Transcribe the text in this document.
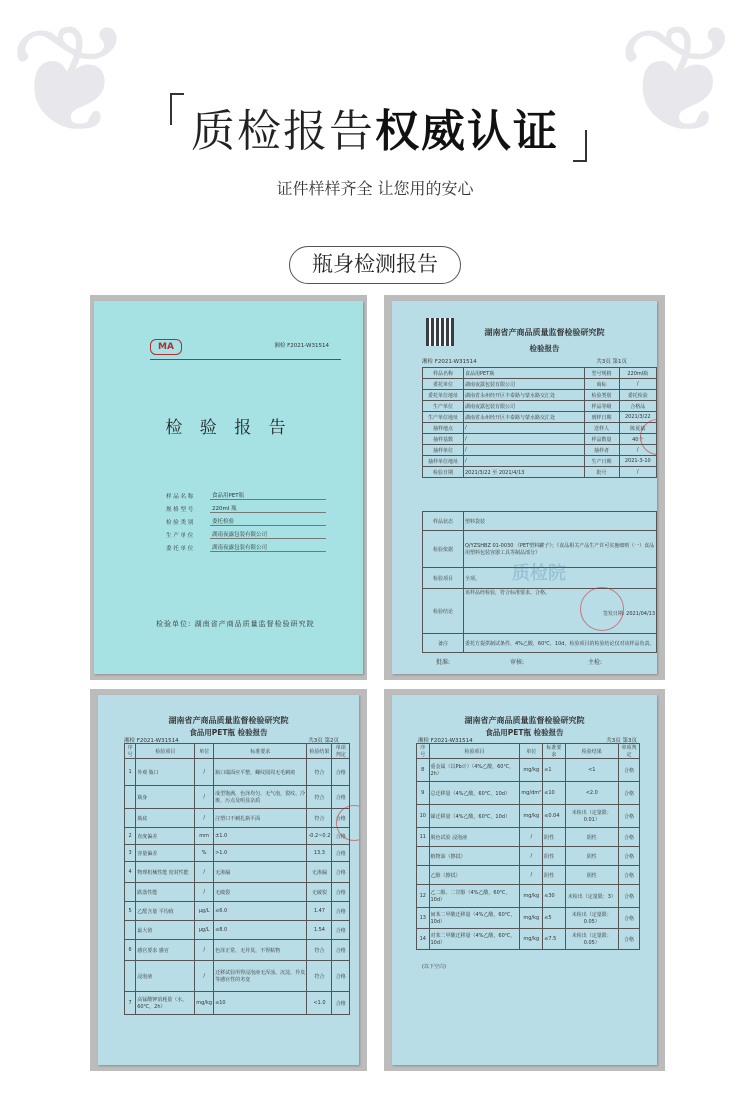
❦	❦
质检报告权威认证
证件样样齐全 让您用的安心
瓶身检测报告
MA	湘检 F2021-W31514
检 验 报 告
样 品 名 称	食品用PET瓶
规 格 型 号	220ml 瓶
检 验 类 别	委托检验
生 产 单 位	湖南夜露包装有限公司
委 托 单 位	湖南夜露包装有限公司
检验单位: 湖南省产商品质量监督检验研究院
湖南省产商品质量监督检验研究院
检验报告
湘检 F2021-W31514	共3页 第1页
样品名称	食品用PET瓶	型号规格	220ml瓶
委托单位	湖南夜露包装有限公司	商标	/
委托单位地址	湖南省永州经开区丰泰路与蒙水路交汇处	检验类别	委托检验
生产单位	湖南夜露包装有限公司	样品等级	合格品
生产单位地址	湖南省永州经开区丰泰路与蒙水路交汇处	到样日期	2021/3/22
抽样地点	/	送样人	陈夏斌
抽样基数	/	样品数量	40个
抽样单位	/	抽样者	/
抽样单位地址	/	生产日期	2021-3-10
检验日期	2021/3/22 至 2021/4/13	批号	/
样品状态	塑料袋装
检验依据	Q/YZSHBZ 01-0030 《PET塑料罐子》；《食品相关产品生产许可实施细则（一）食品用塑料包装容器工具等制品部分》
检验项目	全项。
检验结论	该样品经检验，符合标准要求。合格。
签发日期: 2021/04/13

备注	委托方提供制试条件，4%乙酸，60℃，10d，检验项目的检验结论仅对该样品负责。
质检院
批准:	审核:	主检:
湖南省产商品质量监督检验研究院
食品用PET瓶 检验报告
湘检 F2021-W31514	共3页 第2页
序号	检验项目	单位	标准要求	检验结果	单项判定
1	外观 瓶口	/	瓶口端面应平整，螺纹圆周无毛刺痕	符合	合格
	瓶身	/	成型饱满，色泽均匀，无气泡，裂纹、冷斑，污点及明显杂质	符合	合格
	瓶底	/	注塑口不刺扎瓶平面	符合	合格
2	直度偏差	mm	±1.0	-0.2~0.2	合格
3	容量偏差	%	>1.0	13.3	合格
4	物理机械性能 密封性能	/	无渗漏	无渗漏	合格
	跌落性能	/	无破裂	无破裂	合格
5	乙醛含量 平均值	μg/L	≤6.0	1.47	合格
	最大值	μg/L	≤8.0	1.54	合格
6	感官要求 感官	/	色泽正常，无异臭，不得粘物	符合	合格
	浸泡液	/	迁移试验所得浸泡液无浑浊、沉淀、异臭等感官性的劣变	符合	合格
7	高锰酸钾消耗量（水，60℃，2h）	mg/kg	≤10	<1.0	合格
湖南省产商品质量监督检验研究院
食品用PET瓶 检验报告
湘检 F2021-W31514	共3页 第3页
序号	检验项目	单位	标准要求	检验结果	单项判定
8	重金属（以Pb计）（4%乙酸，60℃，2h）	mg/kg	≤1	<1	合格
9	总迁移量（4%乙酸，60℃，10d）	mg/dm²	≤10	<2.0	合格
10	锑迁移量（4%乙酸，60℃，10d）	mg/kg	≤0.04	未检出（定量限：0.01）	合格
11	脱色试验 浸泡液	/	阴性	阴性	合格
	植物油（擦拭）	/	阴性	阴性	合格
	乙醇（擦拭）	/	阴性	阴性	合格
12	乙二醇、二甘醇（4%乙酸，60℃，10d）	mg/kg	≤30	未检出（定量限：3）	合格
13	间苯二甲酸迁移量（4%乙酸，60℃，10d）	mg/kg	≤5	未检出（定量限：0.05）	合格
14	对苯二甲酸迁移量（4%乙酸，60℃，10d）	mg/kg	≤7.5	未检出（定量限：0.05）	合格
(以下空白)
